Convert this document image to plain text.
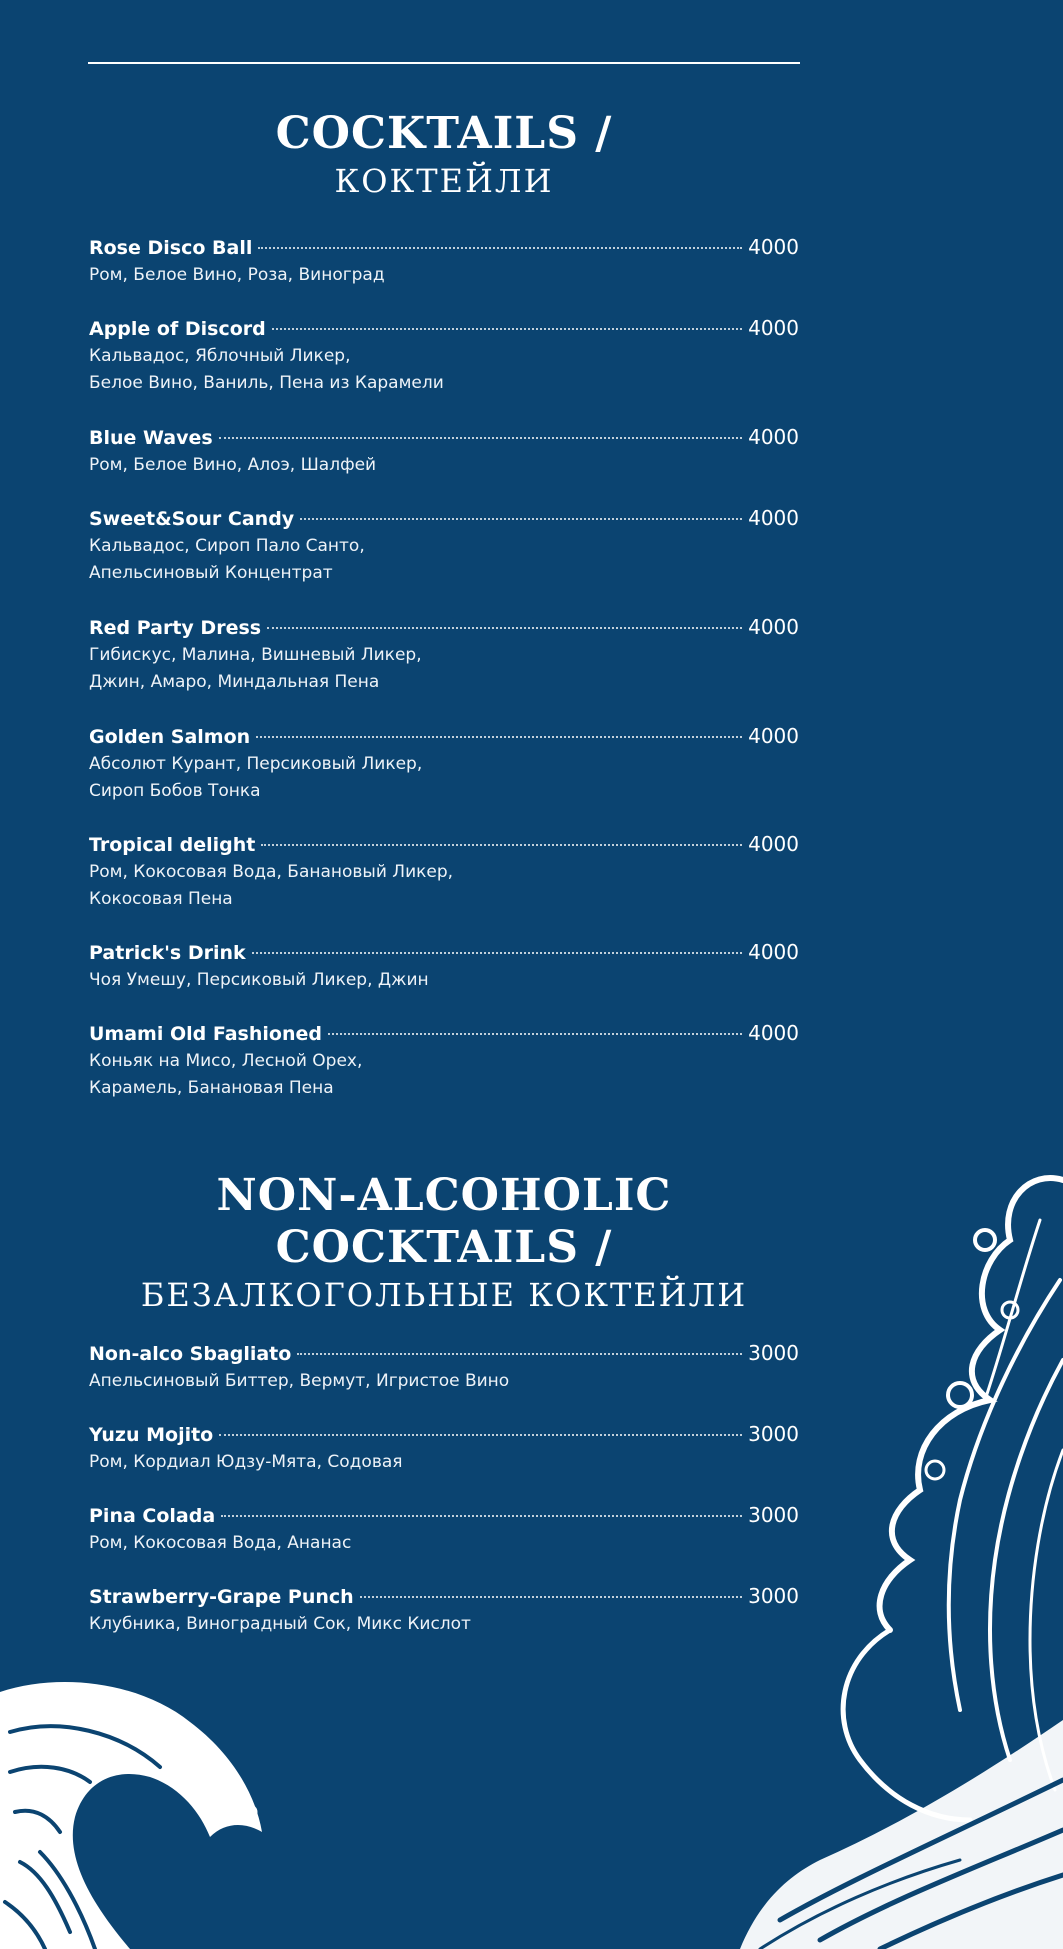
COCKTAILS /
КОКТЕЙЛИ
Rose Disco Ball	4000
Ром, Белое Вино, Роза, Виноград
Apple of Discord	4000
Кальвадос, Яблочный Ликер,
Белое Вино, Ваниль, Пена из Карамели
Blue Waves	4000
Ром, Белое Вино, Алоэ, Шалфей
Sweet&Sour Candy	4000
Кальвадос, Сироп Пало Санто,
Апельсиновый Концентрат
Red Party Dress	4000
Гибискус, Малина, Вишневый Ликер,
Джин, Амаро, Миндальная Пена
Golden Salmon	4000
Абсолют Курант, Персиковый Ликер,
Сироп Бобов Тонка
Tropical delight	4000
Ром, Кокосовая Вода, Банановый Ликер,
Кокосовая Пена
Patrick's Drink	4000
Чоя Умешу, Персиковый Ликер, Джин
Umami Old Fashioned	4000
Коньяк на Мисо, Лесной Орех,
Карамель, Банановая Пена
NON-ALCOHOLIC
COCKTAILS /
БЕЗАЛКОГОЛЬНЫЕ КОКТЕЙЛИ
Non-alco Sbagliato	3000
Апельсиновый Биттер, Вермут, Игристое Вино
Yuzu Mojito	3000
Ром, Кордиал Юдзу-Мята, Содовая
Pina Colada	3000
Ром, Кокосовая Вода, Ананас
Strawberry-Grape Punch	3000
Клубника, Виноградный Сок, Микс Кислот
